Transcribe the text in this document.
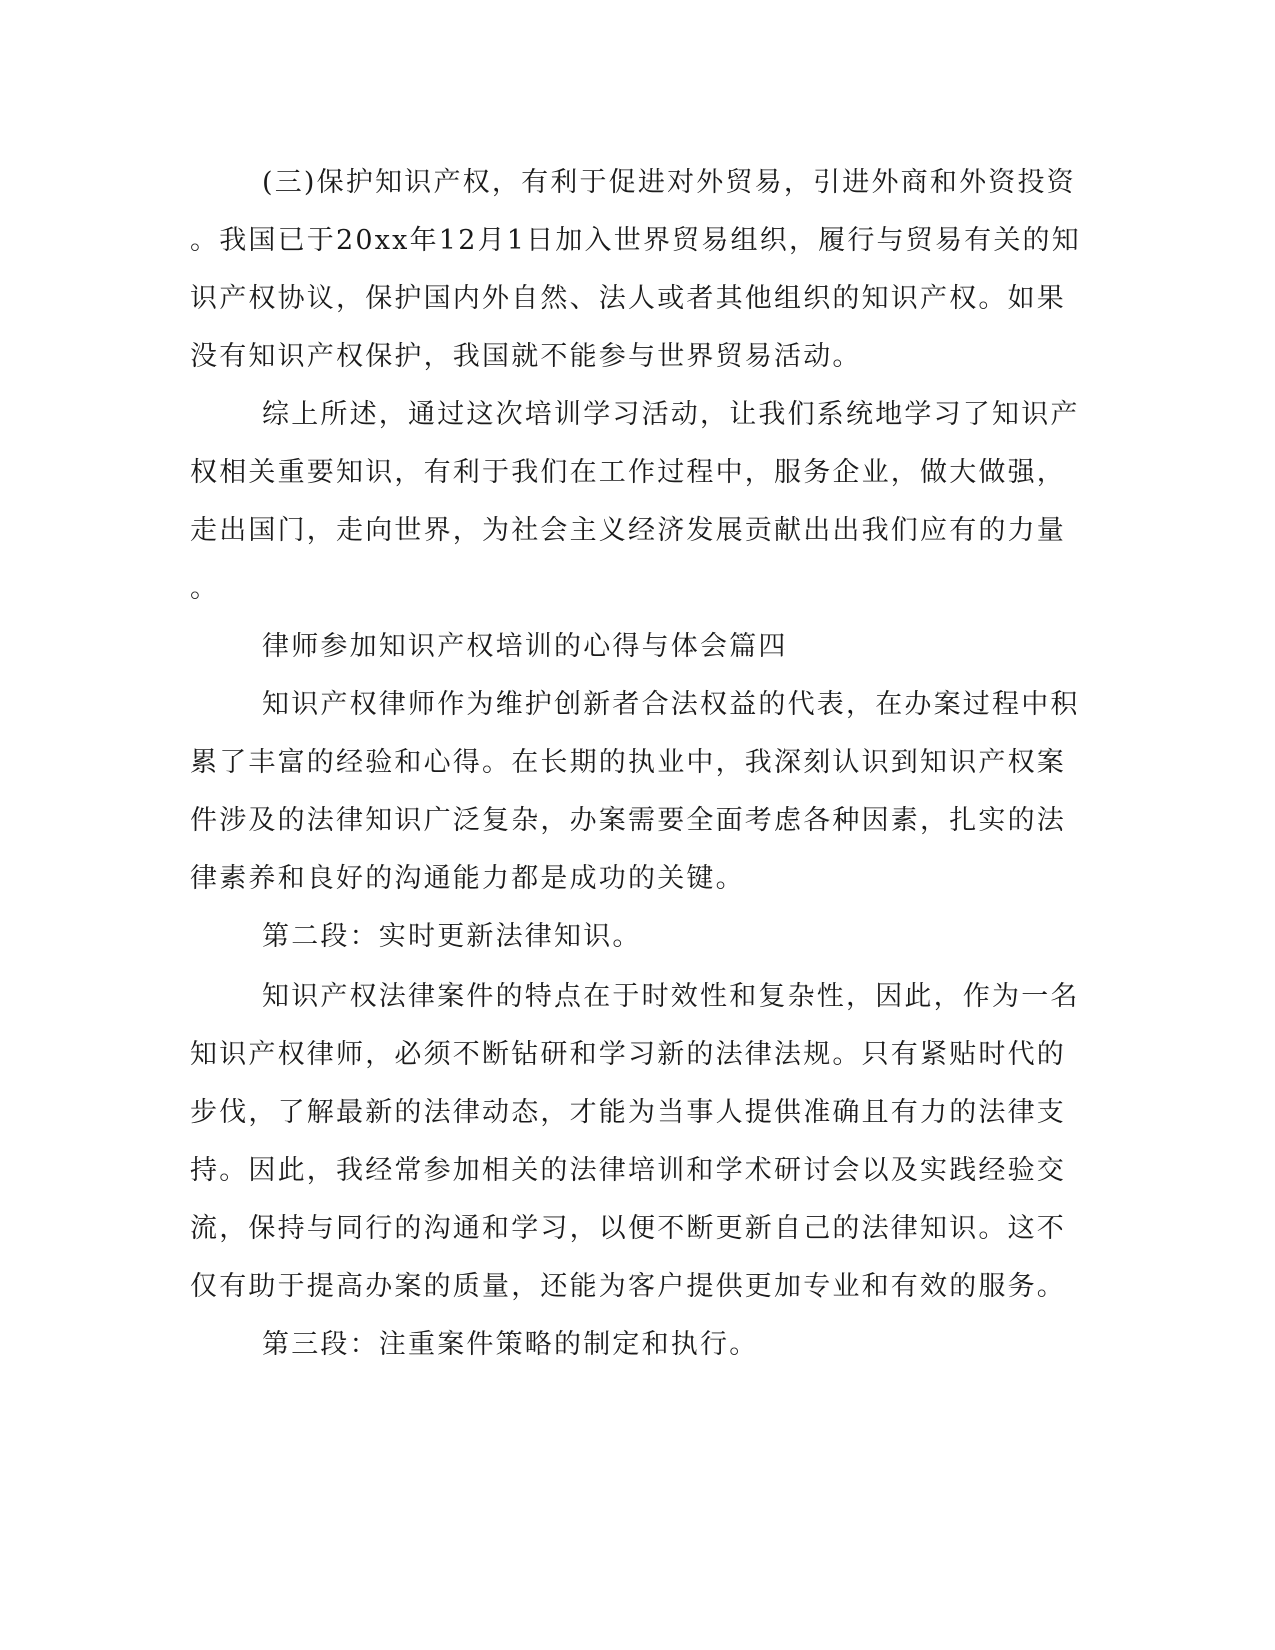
(三)保护知识产权，有利于促进对外贸易，引进外商和外资投资

。我国已于20xx年12月1日加入世界贸易组织，履行与贸易有关的知

识产权协议，保护国内外自然、法人或者其他组织的知识产权。如果

没有知识产权保护，我国就不能参与世界贸易活动。

综上所述，通过这次培训学习活动，让我们系统地学习了知识产

权相关重要知识，有利于我们在工作过程中，服务企业，做大做强，

走出国门，走向世界，为社会主义经济发展贡献出出我们应有的力量

。

律师参加知识产权培训的心得与体会篇四

知识产权律师作为维护创新者合法权益的代表，在办案过程中积

累了丰富的经验和心得。在长期的执业中，我深刻认识到知识产权案

件涉及的法律知识广泛复杂，办案需要全面考虑各种因素，扎实的法

律素养和良好的沟通能力都是成功的关键。

第二段：实时更新法律知识。

知识产权法律案件的特点在于时效性和复杂性，因此，作为一名

知识产权律师，必须不断钻研和学习新的法律法规。只有紧贴时代的

步伐，了解最新的法律动态，才能为当事人提供准确且有力的法律支

持。因此，我经常参加相关的法律培训和学术研讨会以及实践经验交

流，保持与同行的沟通和学习，以便不断更新自己的法律知识。这不

仅有助于提高办案的质量，还能为客户提供更加专业和有效的服务。

第三段：注重案件策略的制定和执行。
